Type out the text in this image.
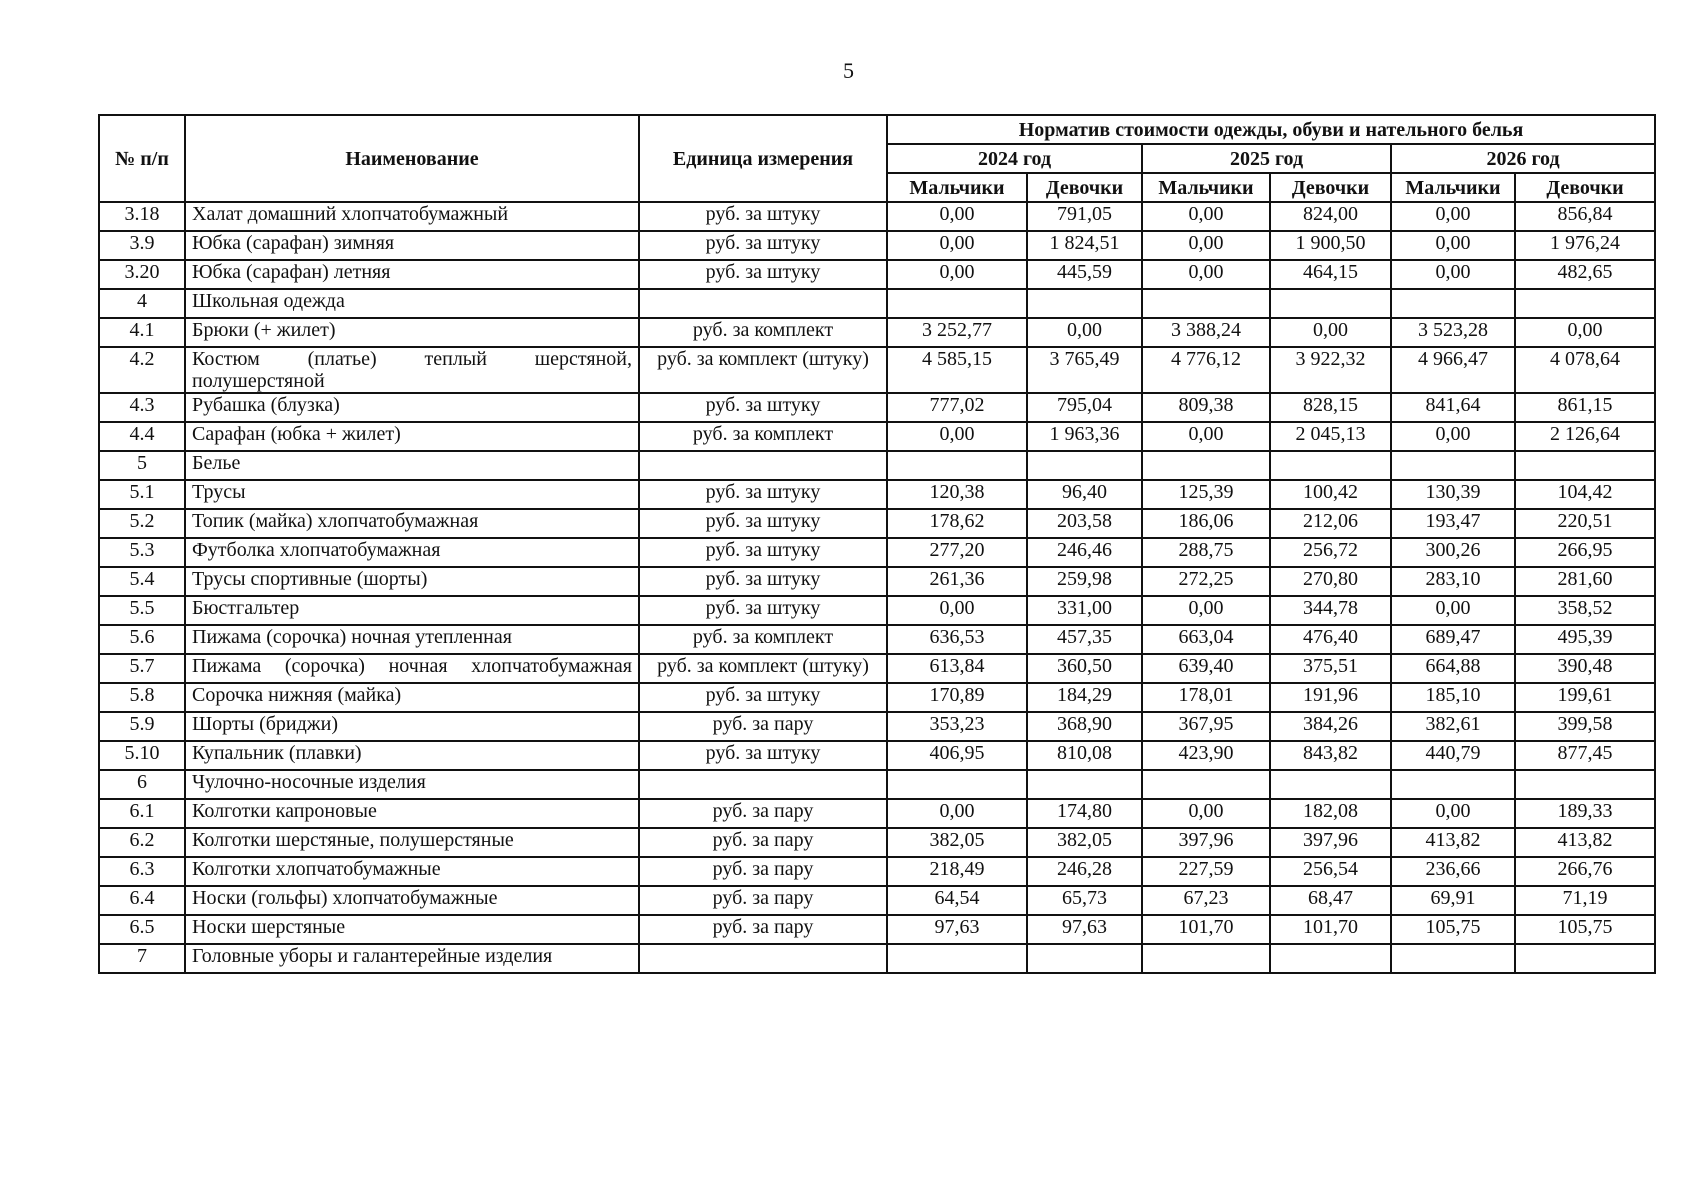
5
№ п/п	Наименование	Единица измерения	Норматив стоимости одежды, обуви и нательного белья					
			2024 год		2025 год		2026 год	
			Мальчики	Девочки	Мальчики	Девочки	Мальчики	Девочки
3.18	Халат домашний хлопчатобумажный	руб. за штуку	0,00	791,05	0,00	824,00	0,00	856,84
3.9	Юбка (сарафан) зимняя	руб. за штуку	0,00	1 824,51	0,00	1 900,50	0,00	1 976,24
3.20	Юбка (сарафан) летняя	руб. за штуку	0,00	445,59	0,00	464,15	0,00	482,65
4	Школьная одежда							
4.1	Брюки (+ жилет)	руб. за комплект	3 252,77	0,00	3 388,24	0,00	3 523,28	0,00
4.2	Костюм (платье) теплый шерстяной, полушерстяной	руб. за комплект (штуку)	4 585,15	3 765,49	4 776,12	3 922,32	4 966,47	4 078,64
4.3	Рубашка (блузка)	руб. за штуку	777,02	795,04	809,38	828,15	841,64	861,15
4.4	Сарафан (юбка + жилет)	руб. за комплект	0,00	1 963,36	0,00	2 045,13	0,00	2 126,64
5	Белье							
5.1	Трусы	руб. за штуку	120,38	96,40	125,39	100,42	130,39	104,42
5.2	Топик (майка) хлопчатобумажная	руб. за штуку	178,62	203,58	186,06	212,06	193,47	220,51
5.3	Футболка хлопчатобумажная	руб. за штуку	277,20	246,46	288,75	256,72	300,26	266,95
5.4	Трусы спортивные (шорты)	руб. за штуку	261,36	259,98	272,25	270,80	283,10	281,60
5.5	Бюстгальтер	руб. за штуку	0,00	331,00	0,00	344,78	0,00	358,52
5.6	Пижама (сорочка) ночная утепленная	руб. за комплект	636,53	457,35	663,04	476,40	689,47	495,39
5.7	Пижама (сорочка) ночная хлопчатобумажная	руб. за комплект (штуку)	613,84	360,50	639,40	375,51	664,88	390,48
5.8	Сорочка нижняя (майка)	руб. за штуку	170,89	184,29	178,01	191,96	185,10	199,61
5.9	Шорты (бриджи)	руб. за пару	353,23	368,90	367,95	384,26	382,61	399,58
5.10	Купальник (плавки)	руб. за штуку	406,95	810,08	423,90	843,82	440,79	877,45
6	Чулочно-носочные изделия							
6.1	Колготки капроновые	руб. за пару	0,00	174,80	0,00	182,08	0,00	189,33
6.2	Колготки шерстяные, полушерстяные	руб. за пару	382,05	382,05	397,96	397,96	413,82	413,82
6.3	Колготки хлопчатобумажные	руб. за пару	218,49	246,28	227,59	256,54	236,66	266,76
6.4	Носки (гольфы) хлопчатобумажные	руб. за пару	64,54	65,73	67,23	68,47	69,91	71,19
6.5	Носки шерстяные	руб. за пару	97,63	97,63	101,70	101,70	105,75	105,75
7	Головные уборы и галантерейные изделия							
